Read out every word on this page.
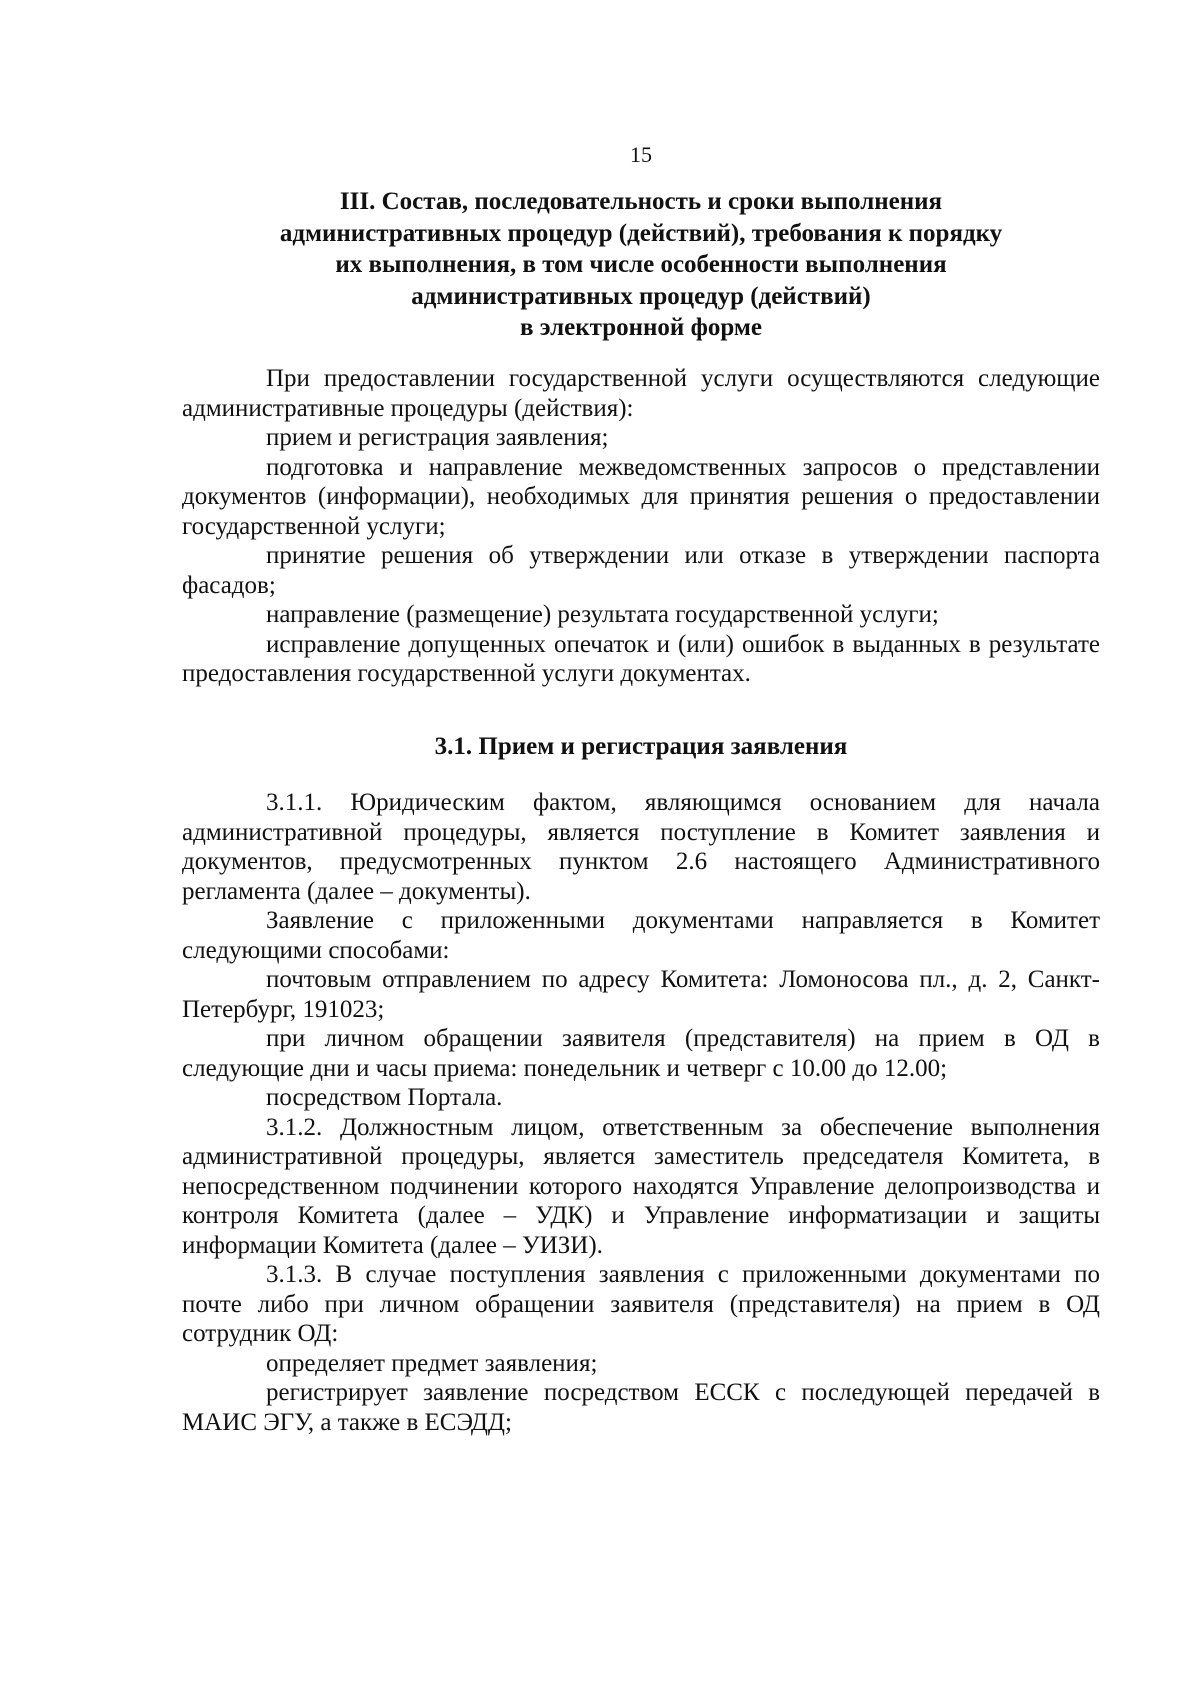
15
III. Состав, последовательность и сроки выполнения
административных процедур (действий), требования к порядку
их выполнения, в том числе особенности выполнения
административных процедур (действий)
в электронной форме

При предоставлении государственной услуги осуществляются следующие административные процедуры (действия):

прием и регистрация заявления;

подготовка и направление межведомственных запросов о представлении документов (информации), необходимых для принятия решения о предоставлении государственной услуги;

принятие решения об утверждении или отказе в утверждении паспорта фасадов;

направление (размещение) результата государственной услуги;

исправление допущенных опечаток и (или) ошибок в выданных в результате предоставления государственной услуги документах.

3.1. Прием и регистрация заявления

3.1.1. Юридическим фактом, являющимся основанием для начала административной процедуры, является поступление в Комитет заявления и документов, предусмотренных пунктом 2.6 настоящего Административного регламента (далее – документы).

Заявление с приложенными документами направляется в Комитет следующими способами:

почтовым отправлением по адресу Комитета: Ломоносова пл., д. 2, Санкт-Петербург, 191023;

при личном обращении заявителя (представителя) на прием в ОД в следующие дни и часы приема: понедельник и четверг с 10.00 до 12.00;

посредством Портала.

3.1.2. Должностным лицом, ответственным за обеспечение выполнения административной процедуры, является заместитель председателя Комитета, в непосредственном подчинении которого находятся Управление делопроизводства и контроля Комитета (далее – УДК) и Управление информатизации и защиты информации Комитета (далее – УИЗИ).

3.1.3. В случае поступления заявления с приложенными документами по почте либо при личном обращении заявителя (представителя) на прием в ОД сотрудник ОД:

определяет предмет заявления;

регистрирует заявление посредством ЕССК с последующей передачей в МАИС ЭГУ, а также в ЕСЭДД;
